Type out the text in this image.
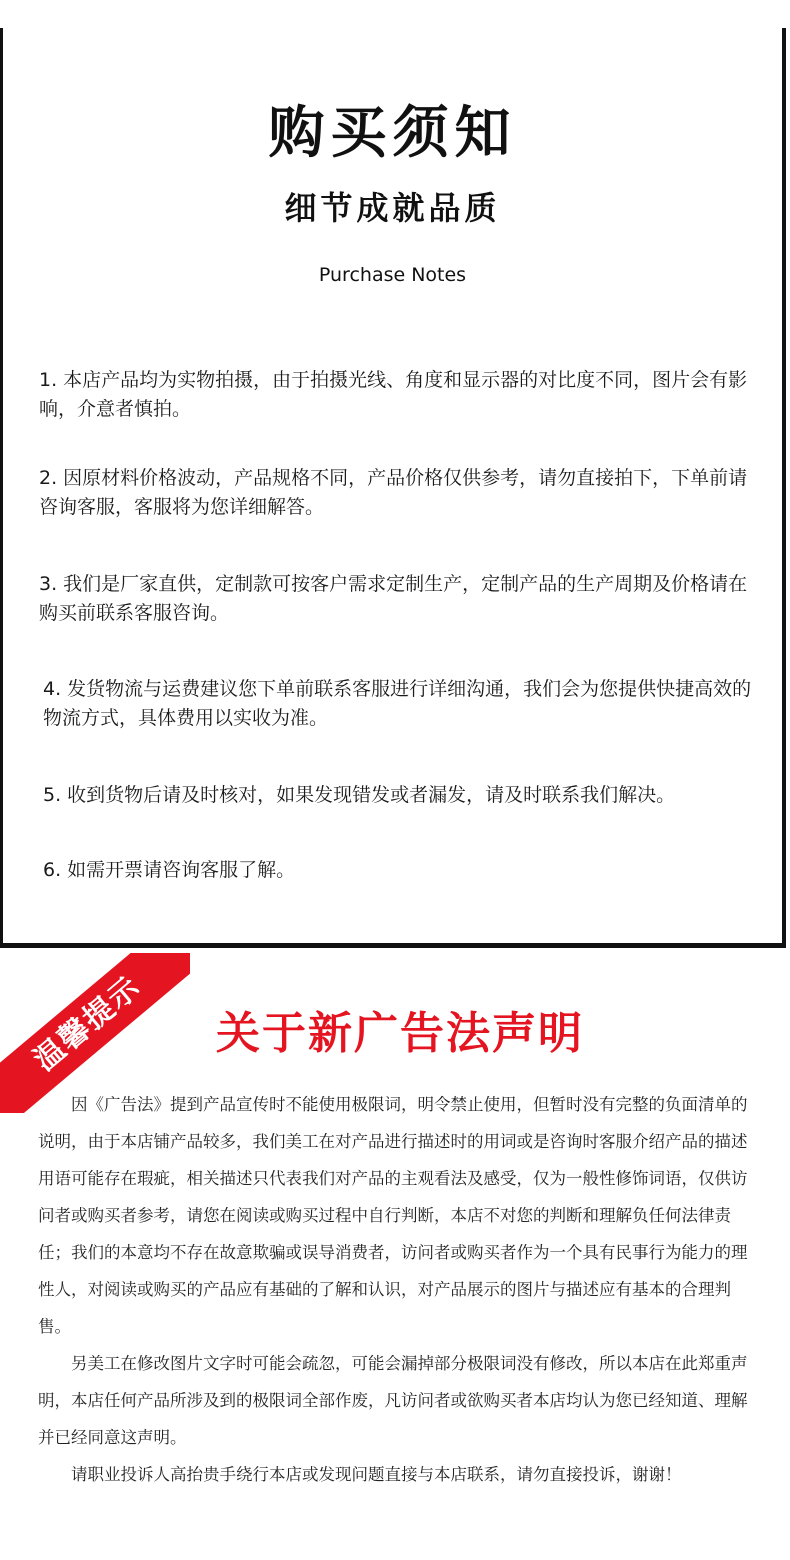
购买须知
细节成就品质
Purchase Notes

1. 本店产品均为实物拍摄，由于拍摄光线、角度和显示器的对比度不同，图片会有影响，介意者慎拍。

2. 因原材料价格波动，产品规格不同，产品价格仅供参考，请勿直接拍下，下单前请咨询客服，客服将为您详细解答。

3. 我们是厂家直供，定制款可按客户需求定制生产，定制产品的生产周期及价格请在购买前联系客服咨询。

4. 发货物流与运费建议您下单前联系客服进行详细沟通，我们会为您提供快捷高效的物流方式，具体费用以实收为准。

5. 收到货物后请及时核对，如果发现错发或者漏发，请及时联系我们解决。

6. 如需开票请咨询客服了解。

温馨提示	关于新广告法声明

因《广告法》提到产品宣传时不能使用极限词，明令禁止使用，但暂时没有完整的负面清单的说明，由于本店铺产品较多，我们美工在对产品进行描述时的用词或是咨询时客服介绍产品的描述用语可能存在瑕疵，相关描述只代表我们对产品的主观看法及感受，仅为一般性修饰词语，仅供访问者或购买者参考，请您在阅读或购买过程中自行判断，本店不对您的判断和理解负任何法律责任；我们的本意均不存在故意欺骗或误导消费者，访问者或购买者作为一个具有民事行为能力的理性人，对阅读或购买的产品应有基础的了解和认识，对产品展示的图片与描述应有基本的合理判售。

另美工在修改图片文字时可能会疏忽，可能会漏掉部分极限词没有修改，所以本店在此郑重声明，本店任何产品所涉及到的极限词全部作废，凡访问者或欲购买者本店均认为您已经知道、理解并已经同意这声明。

请职业投诉人高抬贵手绕行本店或发现问题直接与本店联系，请勿直接投诉，谢谢！
